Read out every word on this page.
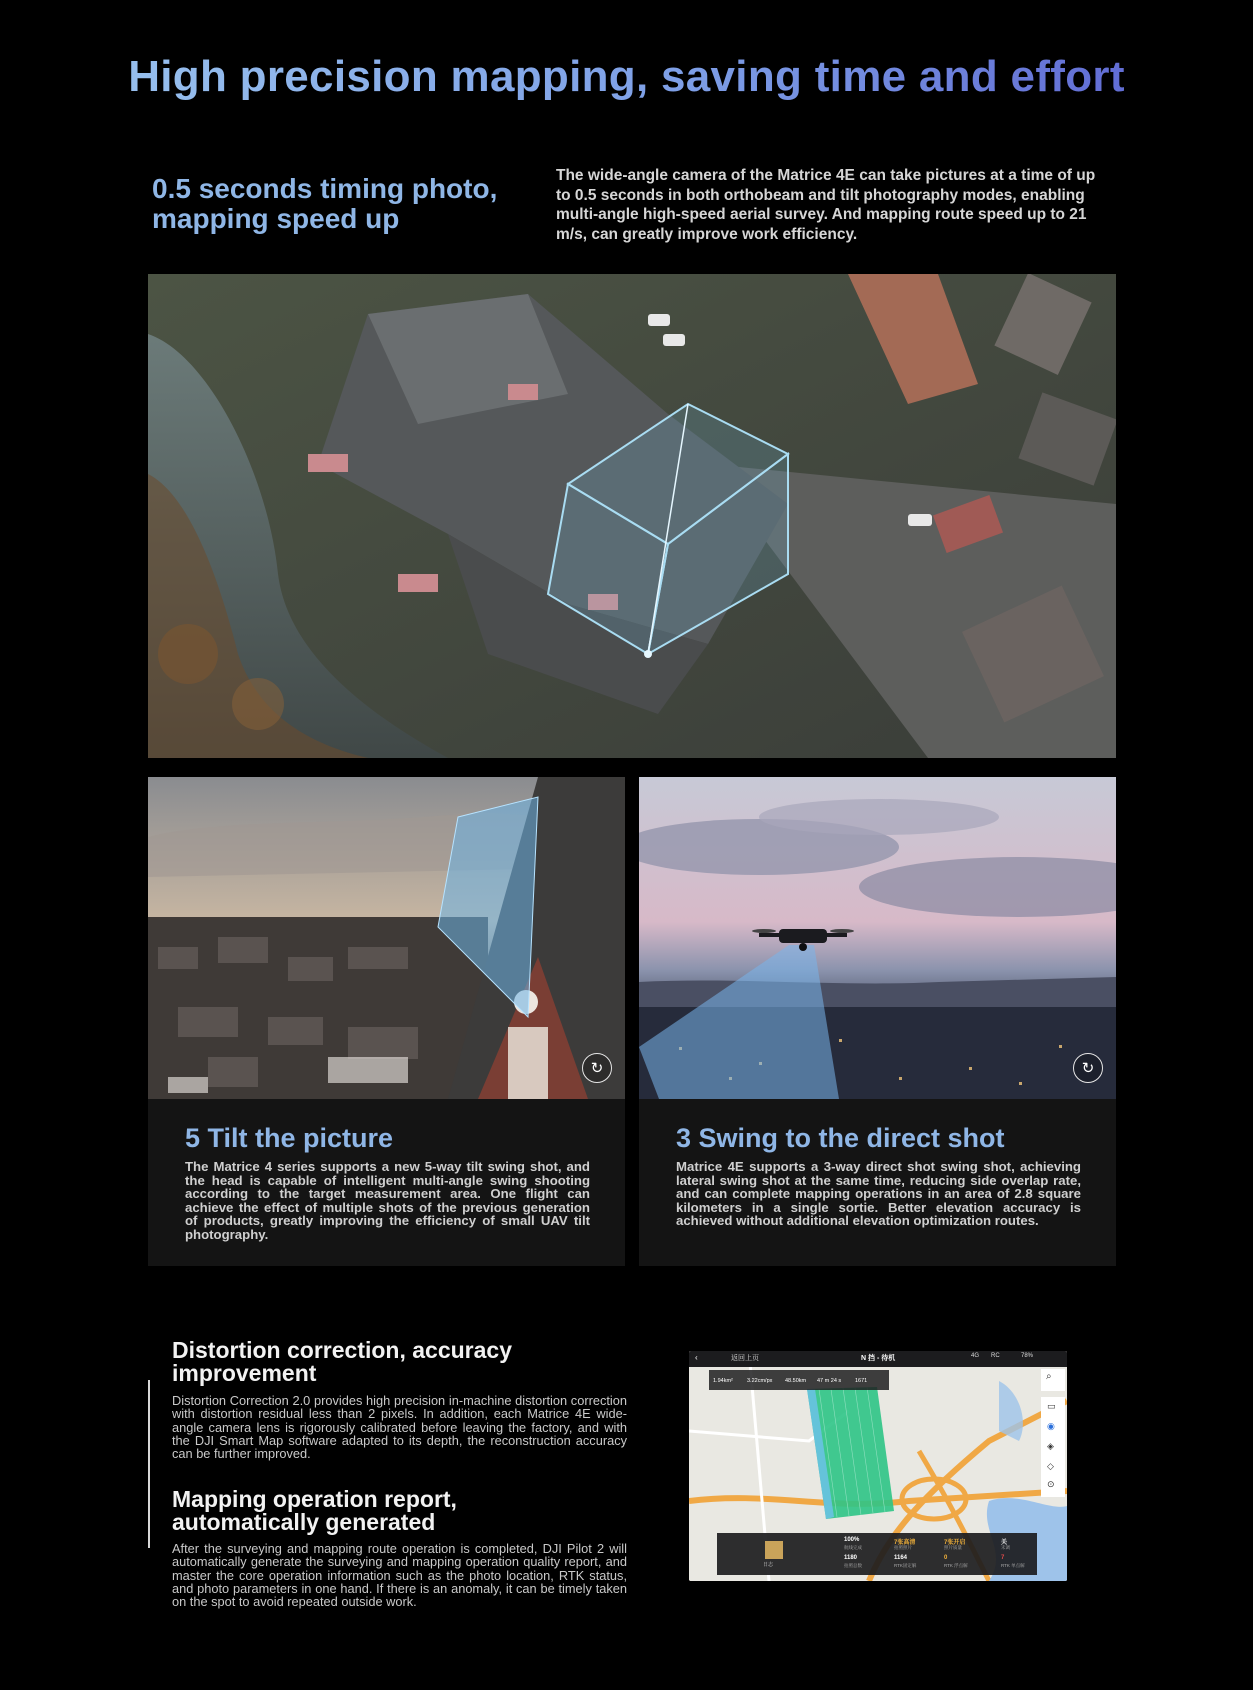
High precision mapping, saving time and effort
0.5 seconds timing photo, mapping speed up
The wide-angle camera of the Matrice 4E can take pictures at a time of up to 0.5 seconds in both orthobeam and tilt photography modes, enabling multi-angle high-speed aerial survey. And mapping route speed up to 21 m/s, can greatly improve work efficiency.
↻
5 Tilt the picture
The Matrice 4 series supports a new 5-way tilt swing shot, and the head is capable of intelligent multi-angle swing shooting according to the target measurement area. One flight can achieve the effect of multiple shots of the previous generation of products, greatly improving the efficiency of small UAV tilt photography.
↻
3 Swing to the direct shot
Matrice 4E supports a 3-way direct shot swing shot, achieving lateral swing shot at the same time, reducing side overlap rate, and can complete mapping operations in an area of 2.8 square kilometers in a single sortie. Better elevation accuracy is achieved without additional elevation optimization routes.
Distortion correction, accuracy improvement
Distortion Correction 2.0 provides high precision in-machine distortion correction with distortion residual less than 2 pixels. In addition, each Matrice 4E wide-angle camera lens is rigorously calibrated before leaving the factory, and with the DJI Smart Map software adapted to its depth, the reconstruction accuracy can be further improved.
Mapping operation report, automatically generated
After the surveying and mapping route operation is completed, DJI Pilot 2 will automatically generate the surveying and mapping operation quality report, and master the core operation information such as the photo location, RTK status, and photo parameters in one hand. If there is an anomaly, it can be timely taken on the spot to avoid repeated outside work.
返回上页	N 挡 - 待机	4G RC	78%
1.94km²	3.22cm/px 48.50km 47 m 24 s	1671
日志
100%	7张高清	7张开启	关
航线完成	拍照照片	照片质量	未调
1180	1164	0	7
拍照总数	RTK固定解	RTK 浮点解	RTK 单点解
⌕
▭
◉
◈
◇
⊙
‹
